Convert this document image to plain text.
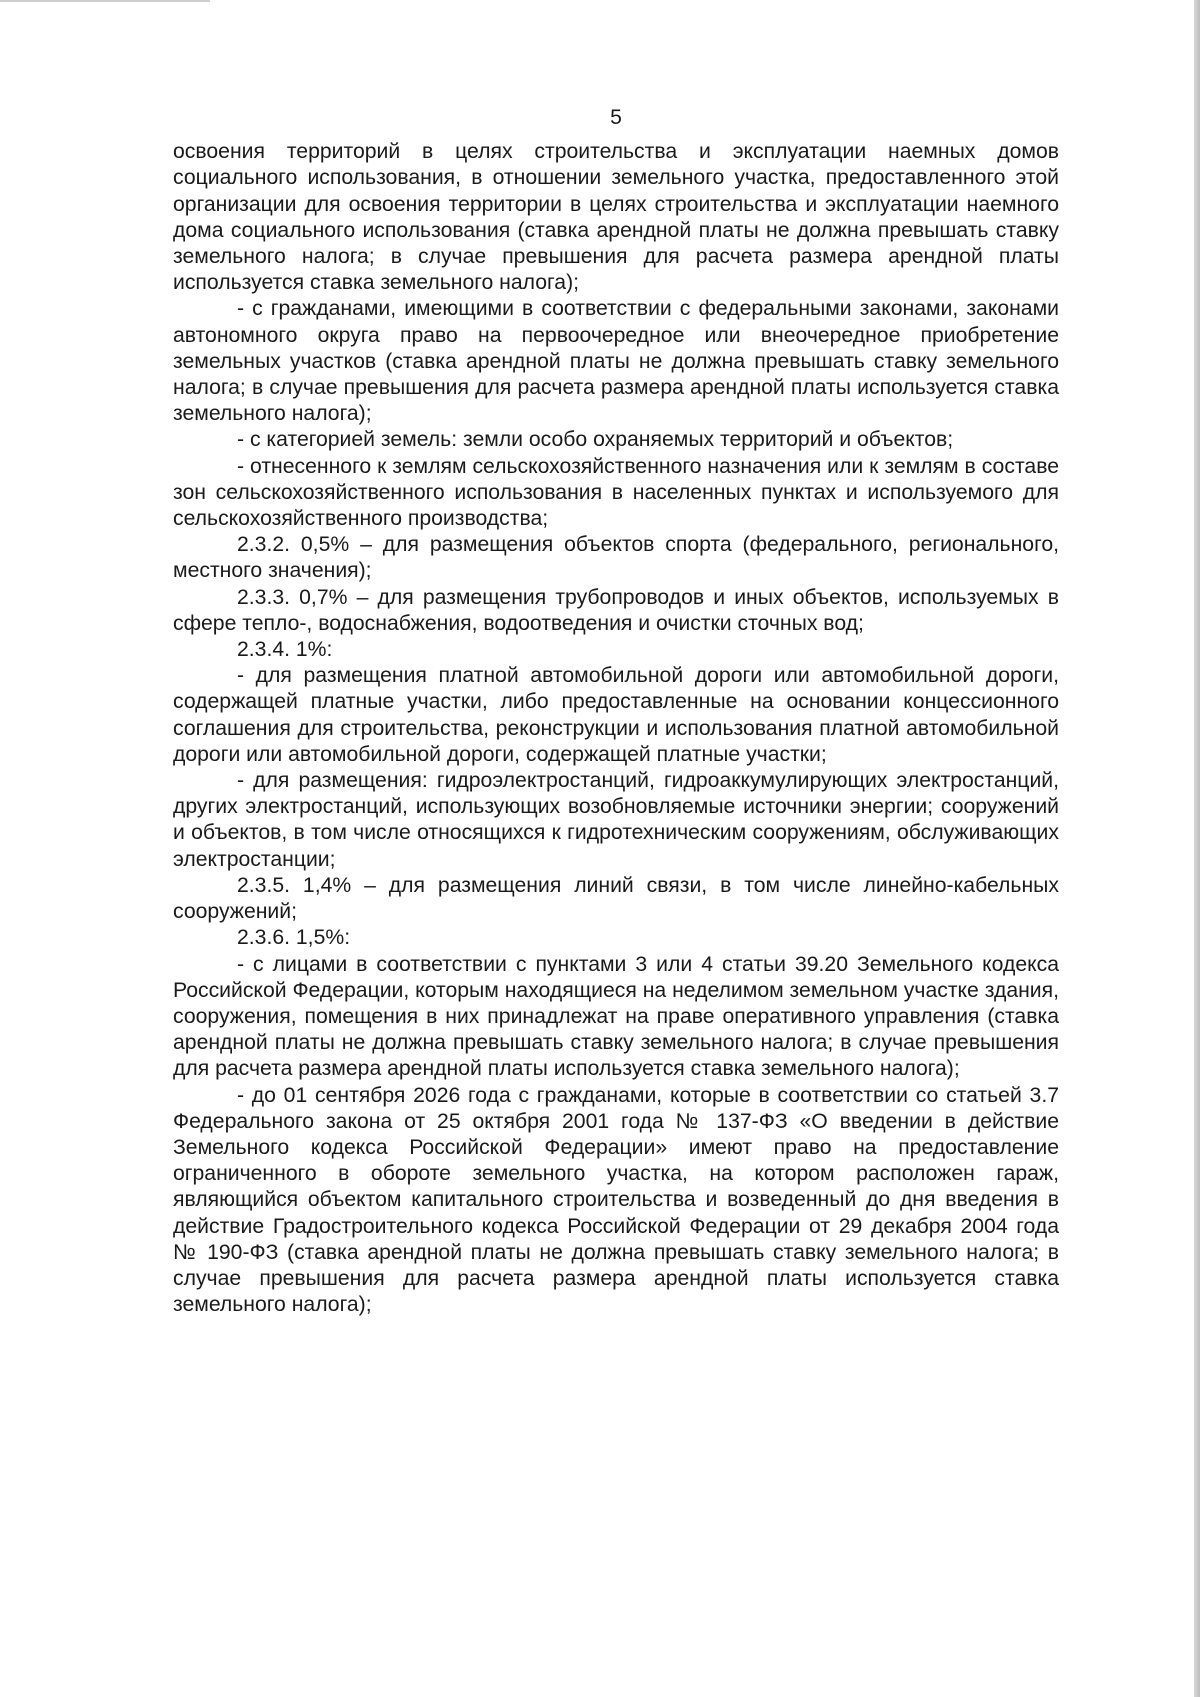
5

освоения территорий в целях строительства и эксплуатации наемных домов социального использования, в отношении земельного участка, предоставленного этой организации для освоения территории в целях строительства и эксплуатации наемного дома социального использования (ставка арендной платы не должна превышать ставку земельного налога; в случае превышения для расчета размера арендной платы используется ставка земельного налога);

- с гражданами, имеющими в соответствии с федеральными законами, законами автономного округа право на первоочередное или внеочередное приобретение земельных участков (ставка арендной платы не должна превышать ставку земельного налога; в случае превышения для расчета размера арендной платы используется ставка земельного налога);

- с категорией земель: земли особо охраняемых территорий и объектов;

- отнесенного к землям сельскохозяйственного назначения или к землям в составе зон сельскохозяйственного использования в населенных пунктах и используемого для сельскохозяйственного производства;

2.3.2. 0,5% – для размещения объектов спорта (федерального, регионального, местного значения);

2.3.3. 0,7% – для размещения трубопроводов и иных объектов, используемых в сфере тепло-, водоснабжения, водоотведения и очистки сточных вод;

2.3.4. 1%:

- для размещения платной автомобильной дороги или автомобильной дороги, содержащей платные участки, либо предоставленные на основании концессионного соглашения для строительства, реконструкции и использования платной автомобильной дороги или автомобильной дороги, содержащей платные участки;

- для размещения: гидроэлектростанций, гидроаккумулирующих электростанций, других электростанций, использующих возобновляемые источники энергии; сооружений и объектов, в том числе относящихся к гидротехническим сооружениям, обслуживающих электростанции;

2.3.5. 1,4% – для размещения линий связи, в том числе линейно-кабельных сооружений;

2.3.6. 1,5%:

- с лицами в соответствии с пунктами 3 или 4 статьи 39.20 Земельного кодекса Российской Федерации, которым находящиеся на неделимом земельном участке здания, сооружения, помещения в них принадлежат на праве оперативного управления (ставка арендной платы не должна превышать ставку земельного налога; в случае превышения для расчета размера арендной платы используется ставка земельного налога);

- до 01 сентября 2026 года с гражданами, которые в соответствии со статьей 3.7 Федерального закона от 25 октября 2001 года № 137-ФЗ «О введении в действие Земельного кодекса Российской Федерации» имеют право на предоставление ограниченного в обороте земельного участка, на котором расположен гараж, являющийся объектом капитального строительства и возведенный до дня введения в действие Градостроительного кодекса Российской Федерации от 29 декабря 2004 года № 190-ФЗ (ставка арендной платы не должна превышать ставку земельного налога; в случае превышения для расчета размера арендной платы используется ставка земельного налога);
